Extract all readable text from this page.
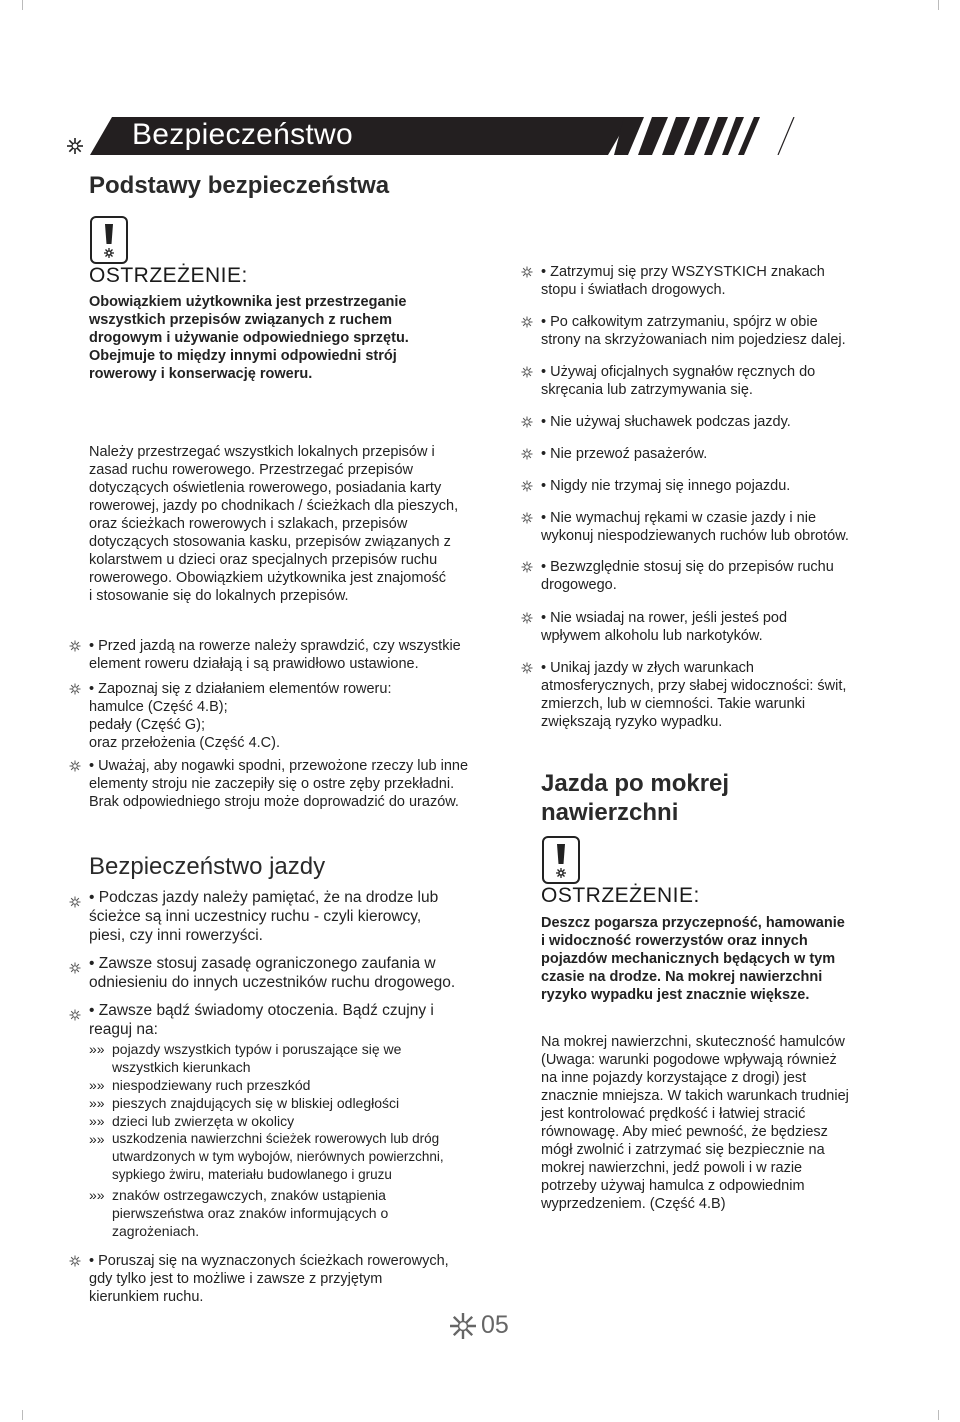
Bezpieczeństwo
Podstawy bezpieczeństwa
OSTRZEŻENIE:
Obowiązkiem użytkownika jest przestrzeganie
wszystkich przepisów związanych z ruchem
drogowym i używanie odpowiedniego sprzętu.
Obejmuje to między innymi odpowiedni strój
rowerowy i konserwację roweru.
Należy przestrzegać wszystkich lokalnych przepisów i
zasad ruchu rowerowego. Przestrzegać przepisów
dotyczących oświetlenia rowerowego, posiadania karty
rowerowej, jazdy po chodnikach / ścieżkach dla pieszych,
oraz ścieżkach rowerowych i szlakach, przepisów
dotyczących stosowania kasku, przepisów związanych z
kolarstwem u dzieci oraz specjalnych przepisów ruchu
rowerowego. Obowiązkiem użytkownika jest znajomość
i stosowanie się do lokalnych przepisów.
• Przed jazdą na rowerze należy sprawdzić, czy wszystkie
element roweru działają i są prawidłowo ustawione.
• Zapoznaj się z działaniem elementów roweru:
hamulce (Część 4.B);
pedały (Część G);
oraz przełożenia (Część 4.C).
• Uważaj, aby nogawki spodni, przewożone rzeczy lub inne
elementy stroju nie zaczepiły się o ostre zęby przekładni.
Brak odpowiedniego stroju może doprowadzić do urazów.
Bezpieczeństwo jazdy
• Podczas jazdy należy pamiętać, że na drodze lub
ścieżce są inni uczestnicy ruchu - czyli kierowcy,
piesi, czy inni rowerzyści.
• Zawsze stosuj zasadę ograniczonego zaufania w
odniesieniu do innych uczestników ruchu drogowego.
• Zawsze bądź świadomy otoczenia. Bądź czujny i
reaguj na:
»» pojazdy wszystkich typów i poruszające się we
wszystkich kierunkach
»» niespodziewany ruch przeszkód
»» pieszych znajdujących się w bliskiej odległości
»» dzieci lub zwierzęta w okolicy
»» uszkodzenia nawierzchni ścieżek rowerowych lub dróg
utwardzonych w tym wybojów, nierównych powierzchni,
sypkiego żwiru, materiału budowlanego i gruzu
»» znaków ostrzegawczych, znaków ustąpienia
pierwszeństwa oraz znaków informujących o
zagrożeniach.
• Poruszaj się na wyznaczonych ścieżkach rowerowych,
gdy tylko jest to możliwe i zawsze z przyjętym
kierunkiem ruchu.
• Zatrzymuj się przy WSZYSTKICH znakach
stopu i światłach drogowych.
• Po całkowitym zatrzymaniu, spójrz w obie
strony na skrzyżowaniach nim pojedziesz dalej.
• Używaj oficjalnych sygnałów ręcznych do
skręcania lub zatrzymywania się.
• Nie używaj słuchawek podczas jazdy.
• Nie przewoź pasażerów.
• Nigdy nie trzymaj się innego pojazdu.
• Nie wymachuj rękami w czasie jazdy i nie
wykonuj niespodziewanych ruchów lub obrotów.
• Bezwzględnie stosuj się do przepisów ruchu
drogowego.
• Nie wsiadaj na rower, jeśli jesteś pod
wpływem alkoholu lub narkotyków.
• Unikaj jazdy w złych warunkach
atmosferycznych, przy słabej widoczności: świt,
zmierzch, lub w ciemności. Takie warunki
zwiększają ryzyko wypadku.
Jazda po mokrej
nawierzchni
OSTRZEŻENIE:
Deszcz pogarsza przyczepność, hamowanie
i widoczność rowerzystów oraz innych
pojazdów mechanicznych będących w tym
czasie na drodze. Na mokrej nawierzchni
ryzyko wypadku jest znacznie większe.
Na mokrej nawierzchni, skuteczność hamulców
(Uwaga: warunki pogodowe wpływają również
na inne pojazdy korzystające z drogi) jest
znacznie mniejsza. W takich warunkach trudniej
jest kontrolować prędkość i łatwiej stracić
równowagę. Aby mieć pewność, że będziesz
mógł zwolnić i zatrzymać się bezpiecznie na
mokrej nawierzchni, jedź powoli i w razie
potrzeby używaj hamulca z odpowiednim
wyprzedzeniem. (Część 4.B)
05
